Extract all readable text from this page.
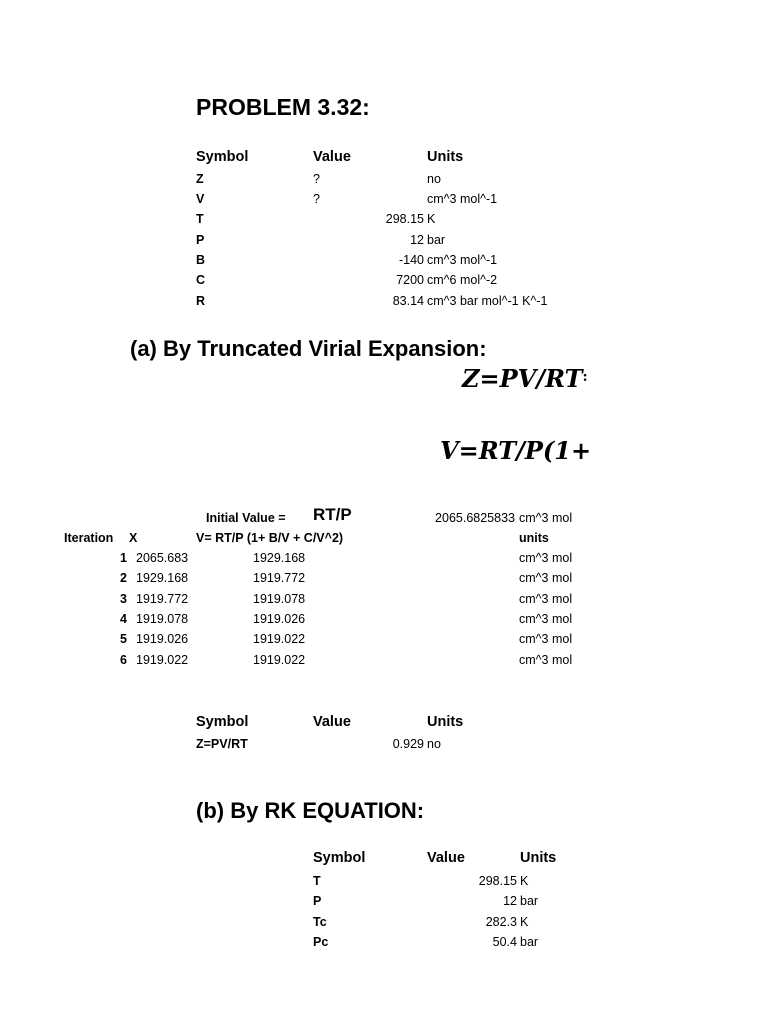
PROBLEM 3.32:
Symbol	Value	Units
Z	?	no
V	?	cm^3 mol^-1
T	298.15 K
P	12 bar
B	-140 cm^3 mol^-1
C	7200 cm^6 mol^-2
R	83.14 cm^3 bar mol^-1 K^-1
(a) By Truncated Virial Expansion:
Z=PV/RT:
V=RT/P(1+
Initial Value = RT/P	2065.6825833 cm^3 mol
Iteration X	V= RT/P (1+ B/V + C/V^2)	units
1 2065.683	1929.168	cm^3 mol
2 1929.168	1919.772	cm^3 mol
3 1919.772	1919.078	cm^3 mol
4 1919.078	1919.026	cm^3 mol
5 1919.026	1919.022	cm^3 mol
6 1919.022	1919.022	cm^3 mol
Symbol	Value	Units
Z=PV/RT	0.929 no
(b) By RK EQUATION:
Symbol	Value	Units
T	298.15 K
P	12 bar
Tc	282.3 K
Pc	50.4 bar
